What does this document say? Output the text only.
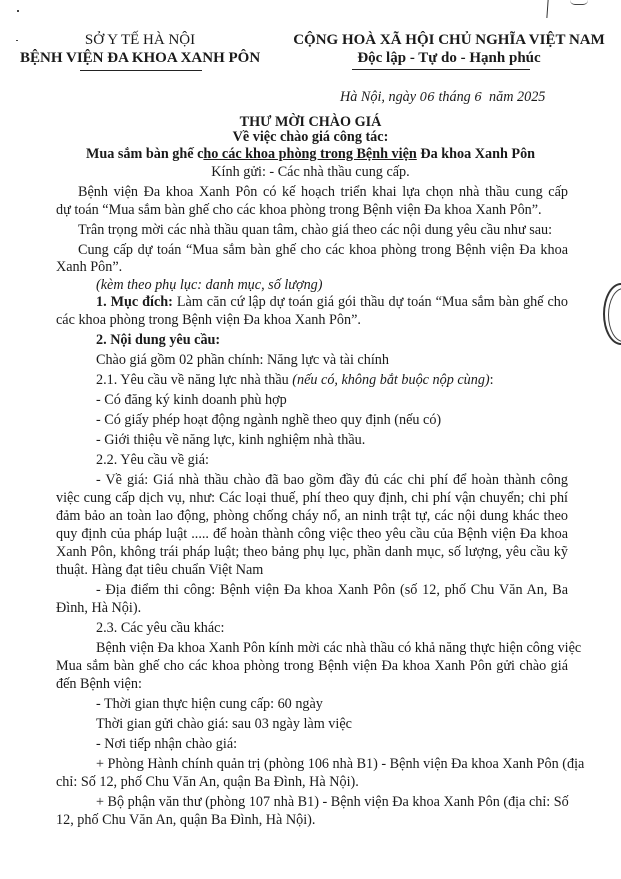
SỞ Y TẾ HÀ NỘI
BỆNH VIỆN ĐA KHOA XANH PÔN
CỘNG HOÀ XÃ HỘI CHỦ NGHĨA VIỆT NAM
Độc lập - Tự do - Hạnh phúc
Hà Nội, ngày 06 tháng 6  năm 2025
THƯ MỜI CHÀO GIÁ
Về việc chào giá công tác:
Mua sắm bàn ghế cho các khoa phòng trong Bệnh viện Đa khoa Xanh Pôn
Kính gửi: - Các nhà thầu cung cấp.
Bệnh viện Đa khoa Xanh Pôn có kế hoạch triển khai lựa chọn nhà thầu cung cấp
dự toán “Mua sắm bàn ghế cho các khoa phòng trong Bệnh viện Đa khoa Xanh Pôn”.
Trân trọng mời các nhà thầu quan tâm, chào giá theo các nội dung yêu cầu như sau:
Cung cấp dự toán “Mua sắm bàn ghế cho các khoa phòng trong Bệnh viện Đa khoa
Xanh Pôn”.
(kèm theo phụ lục: danh mục, số lượng)
1. Mục đích: Làm căn cứ lập dự toán giá gói thầu dự toán “Mua sắm bàn ghế cho
các khoa phòng trong Bệnh viện Đa khoa Xanh Pôn”.
2. Nội dung yêu cầu:
Chào giá gồm 02 phần chính: Năng lực và tài chính
2.1. Yêu cầu về năng lực nhà thầu (nếu có, không bắt buộc nộp cùng):
- Có đăng ký kinh doanh phù hợp
- Có giấy phép hoạt động ngành nghề theo quy định (nếu có)
- Giới thiệu về năng lực, kinh nghiệm nhà thầu.
2.2. Yêu cầu về giá:
- Về giá: Giá nhà thầu chào đã bao gồm đầy đủ các chi phí để hoàn thành công
việc cung cấp dịch vụ, như: Các loại thuế, phí theo quy định, chi phí vận chuyển; chi phí
đảm bảo an toàn lao động, phòng chống cháy nổ, an ninh trật tự, các nội dung khác theo
quy định của pháp luật ..... để hoàn thành công việc theo yêu cầu của Bệnh viện Đa khoa
Xanh Pôn, không trái pháp luật; theo bảng phụ lục, phần danh mục, số lượng, yêu cầu kỹ
thuật. Hàng đạt tiêu chuẩn Việt Nam
- Địa điểm thi công: Bệnh viện Đa khoa Xanh Pôn (số 12, phố Chu Văn An, Ba
Đình, Hà Nội).
2.3. Các yêu cầu khác:
Bệnh viện Đa khoa Xanh Pôn kính mời các nhà thầu có khả năng thực hiện công việc
Mua sắm bàn ghế cho các khoa phòng trong Bệnh viện Đa khoa Xanh Pôn gửi chào giá
đến Bệnh viện:
- Thời gian thực hiện cung cấp: 60 ngày
Thời gian gửi chào giá: sau 03 ngày làm việc
- Nơi tiếp nhận chào giá:
+ Phòng Hành chính quản trị (phòng 106 nhà B1) - Bệnh viện Đa khoa Xanh Pôn (địa
chỉ: Số 12, phố Chu Văn An, quận Ba Đình, Hà Nội).
+ Bộ phận văn thư (phòng 107 nhà B1) - Bệnh viện Đa khoa Xanh Pôn (địa chỉ: Số
12, phố Chu Văn An, quận Ba Đình, Hà Nội).
